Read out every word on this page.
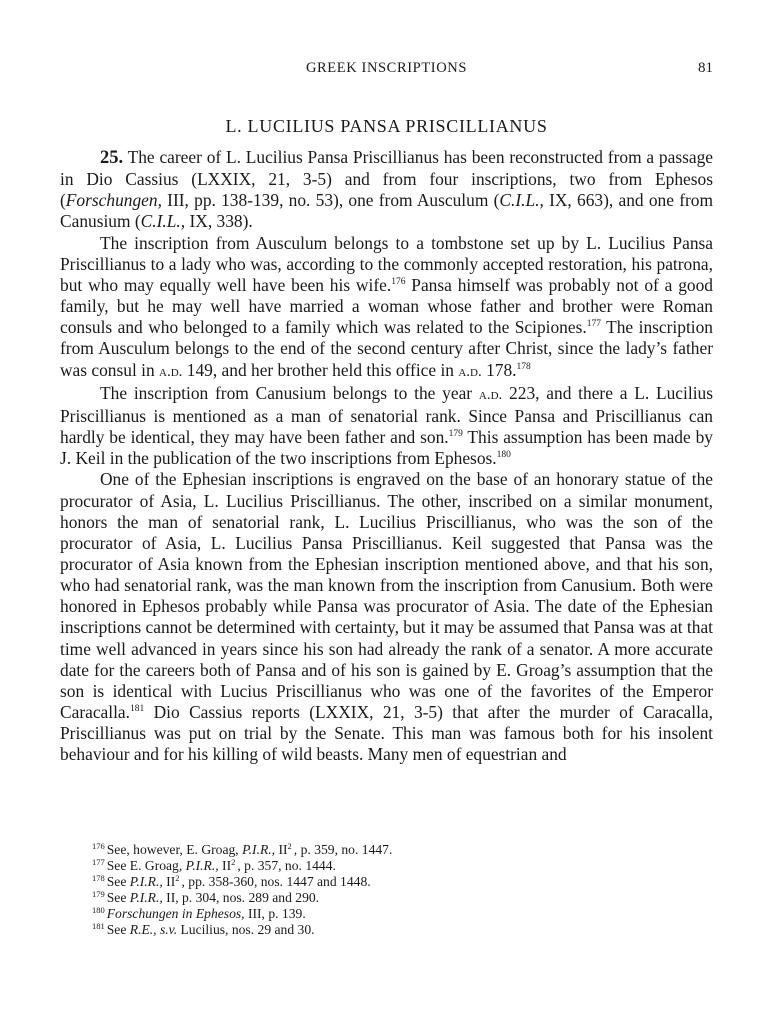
GREEK INSCRIPTIONS	81
L. LUCILIUS PANSA PRISCILLIANUS

25. The career of L. Lucilius Pansa Priscillianus has been reconstructed from a passage in Dio Cassius (LXXIX, 21, 3-5) and from four inscriptions, two from Ephesos (Forschungen, III, pp. 138-139, no. 53), one from Ausculum (C.I.L., IX, 663), and one from Canusium (C.I.L., IX, 338).

The inscription from Ausculum belongs to a tombstone set up by L. Lucilius Pansa Priscillianus to a lady who was, according to the commonly accepted restoration, his patrona, but who may equally well have been his wife.$^{176}$ Pansa himself was probably not of a good family, but he may well have married a woman whose father and brother were Roman consuls and who belonged to a family which was related to the Scipiones.$^{177}$ The inscription from Ausculum belongs to the end of the second century after Christ, since the lady’s father was consul in a.d. 149, and her brother held this office in a.d. 178.$^{178}$

The inscription from Canusium belongs to the year a.d. 223, and there a L. Lucilius Priscillianus is mentioned as a man of senatorial rank. Since Pansa and Priscillianus can hardly be identical, they may have been father and son.$^{179}$ This assumption has been made by J. Keil in the publication of the two inscriptions from Ephesos.$^{180}$

One of the Ephesian inscriptions is engraved on the base of an honorary statue of the procurator of Asia, L. Lucilius Priscillianus. The other, inscribed on a similar monument, honors the man of senatorial rank, L. Lucilius Priscillianus, who was the son of the procurator of Asia, L. Lucilius Pansa Priscillianus. Keil suggested that Pansa was the procurator of Asia known from the Ephesian inscription mentioned above, and that his son, who had senatorial rank, was the man known from the inscription from Canusium. Both were honored in Ephesos probably while Pansa was procurator of Asia. The date of the Ephesian inscriptions cannot be determined with certainty, but it may be assumed that Pansa was at that time well advanced in years since his son had already the rank of a senator. A more accurate date for the careers both of Pansa and of his son is gained by E. Groag’s assumption that the son is identical with Lucius Priscillianus who was one of the favorites of the Emperor Caracalla.$^{181}$ Dio Cassius reports (LXXIX, 21, 3-5) that after the murder of Caracalla, Priscillianus was put on trial by the Senate. This man was famous both for his insolent behaviour and for his killing of wild beasts. Many men of equestrian and

$^{176}$ See, however, E. Groag, P.I.R., $II^2$ , p. 359, no. 1447.

$^{177}$ See E. Groag, P.I.R., $II^2$ , p. 357, no. 1444.

$^{178}$ See P.I.R., $II^2$ , pp. 358-360, nos. 1447 and 1448.

$^{179}$ See P.I.R., II, p. 304, nos. 289 and 290.

$^{180}$ Forschungen in Ephesos, III, p. 139.

$^{181}$ See R.E., s.v. Lucilius, nos. 29 and 30.
